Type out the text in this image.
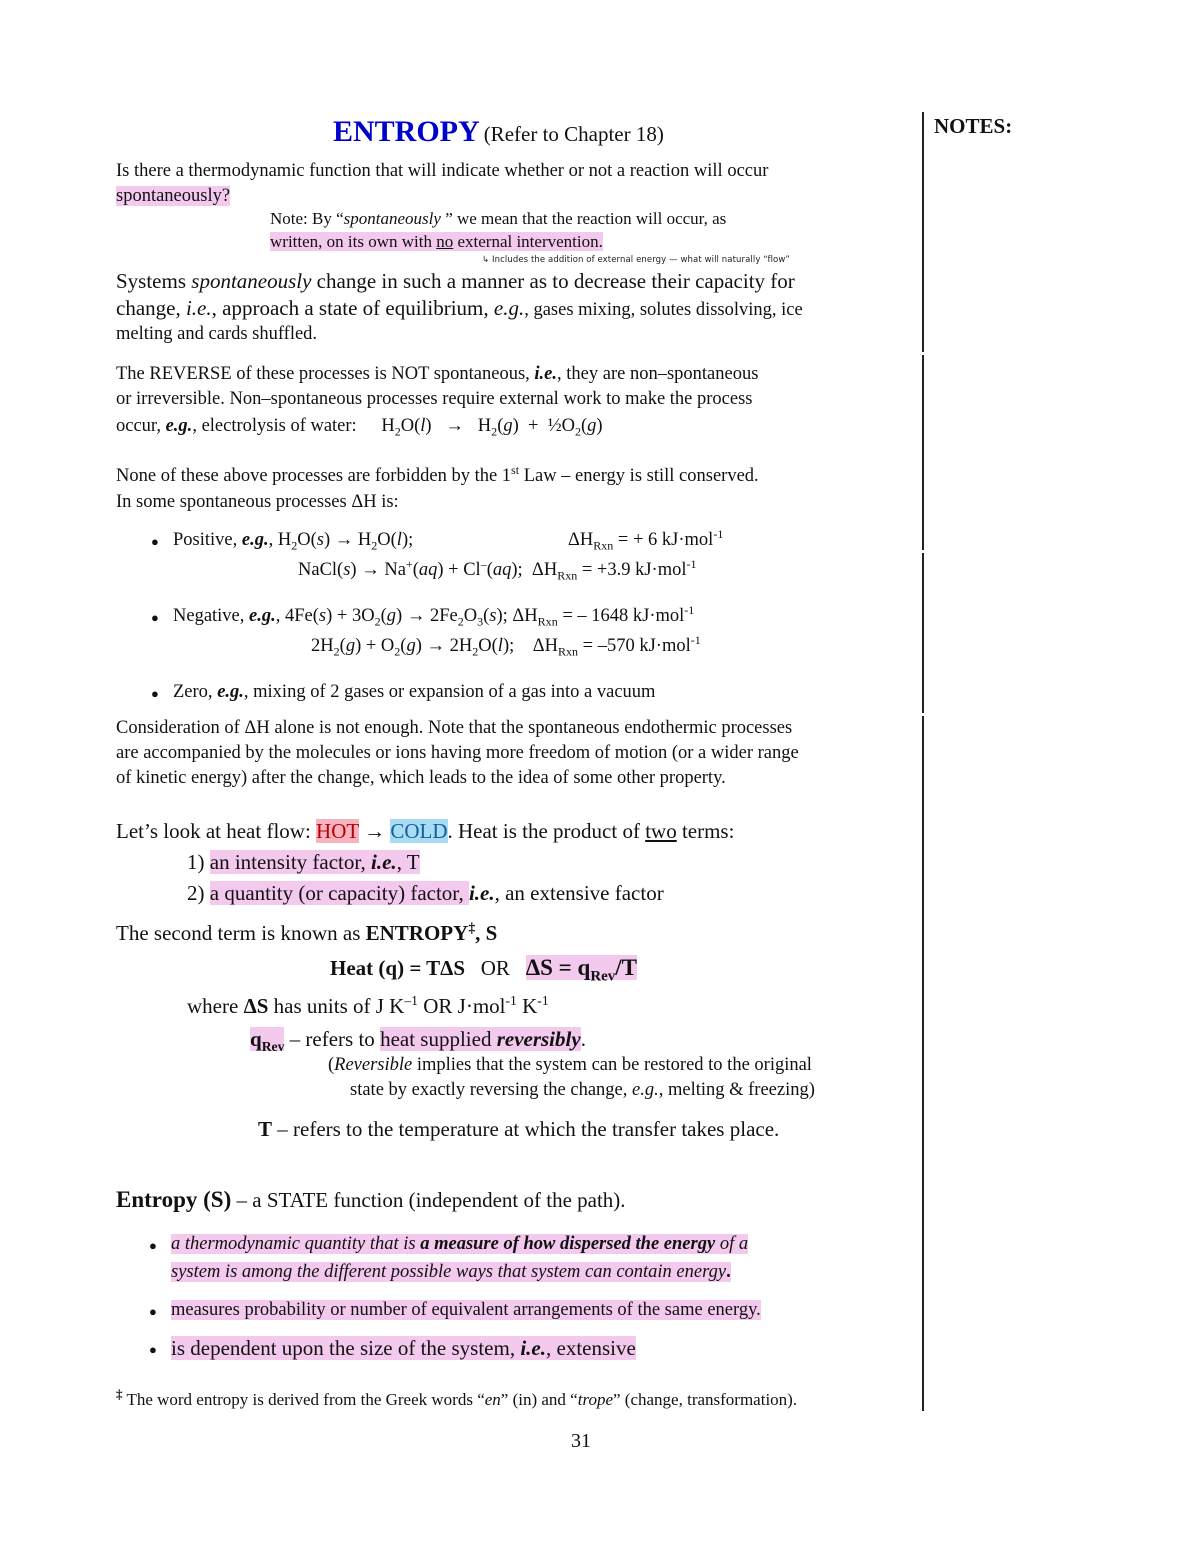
NOTES:
ENTROPY (Refer to Chapter 18)
Is there a thermodynamic function that will indicate whether or not a reaction will occur
spontaneously?
Note: By “spontaneously ” we mean that the reaction will occur, as
written, on its own with no external intervention.
↳ Includes the addition of external energy — what will naturally “flow”
Systems spontaneously change in such a manner as to decrease their capacity for
change, i.e., approach a state of equilibrium, e.g., gases mixing, solutes dissolving, ice
melting and cards shuffled.
The REVERSE of these processes is NOT spontaneous, i.e., they are non–spontaneous
or irreversible. Non–spontaneous processes require external work to make the process
occur, e.g., electrolysis of water: $H_2O(l) \to H_2(g)$  +  $\frac{1}{2}O_2(g)$
None of these above processes are forbidden by the 1st Law – energy is still conserved.
In some spontaneous processes ΔH is:
● Positive, e.g., $H_2O(s) \to H_2O(l)$;	$\Delta H_{Rxn}$ = + 6 kJ·mol$^{-1}$
NaCl(s) → Na+(aq) + Cl–(aq);  $\Delta H_{Rxn} = +3.9$ kJ·mol$^{-1}$
● Negative, e.g., $4Fe(s) + 3O_2(g) \to 2Fe_2O_3(s)$; $\Delta H_{Rxn}$ = – 1648 kJ·mol$^{-1}$
$2H_2(g) + O_2(g) \to 2H_2O(l)$;    $\Delta H_{Rxn} = -570$ kJ·mol$^{-1}$
● Zero, e.g., mixing of 2 gases or expansion of a gas into a vacuum
Consideration of ΔH alone is not enough. Note that the spontaneous endothermic processes
are accompanied by the molecules or ions having more freedom of motion (or a wider range
of kinetic energy) after the change, which leads to the idea of some other property.
Let’s look at heat flow: HOT → COLD. Heat is the product of two terms:
1) an intensity factor, i.e., T
2) a quantity (or capacity) factor, i.e., an extensive factor
The second term is known as ENTROPY‡, S
Heat (q) = TΔS OR $\Delta S = q_{Rev}/T$
where ΔS has units of J $K^{-1}$ OR J·mol$^{-1}$ $K^{-1}$
$q_{Rev}$ – refers to heat supplied reversibly.
(Reversible implies that the system can be restored to the original
state by exactly reversing the change, e.g., melting & freezing)
T – refers to the temperature at which the transfer takes place.
Entropy (S) – a STATE function (independent of the path).
● a thermodynamic quantity that is a measure of how dispersed the energy of a
system is among the different possible ways that system can contain energy.
● measures probability or number of equivalent arrangements of the same energy.
● is dependent upon the size of the system, i.e., extensive
‡ The word entropy is derived from the Greek words “en” (in) and “trope” (change, transformation).
31
